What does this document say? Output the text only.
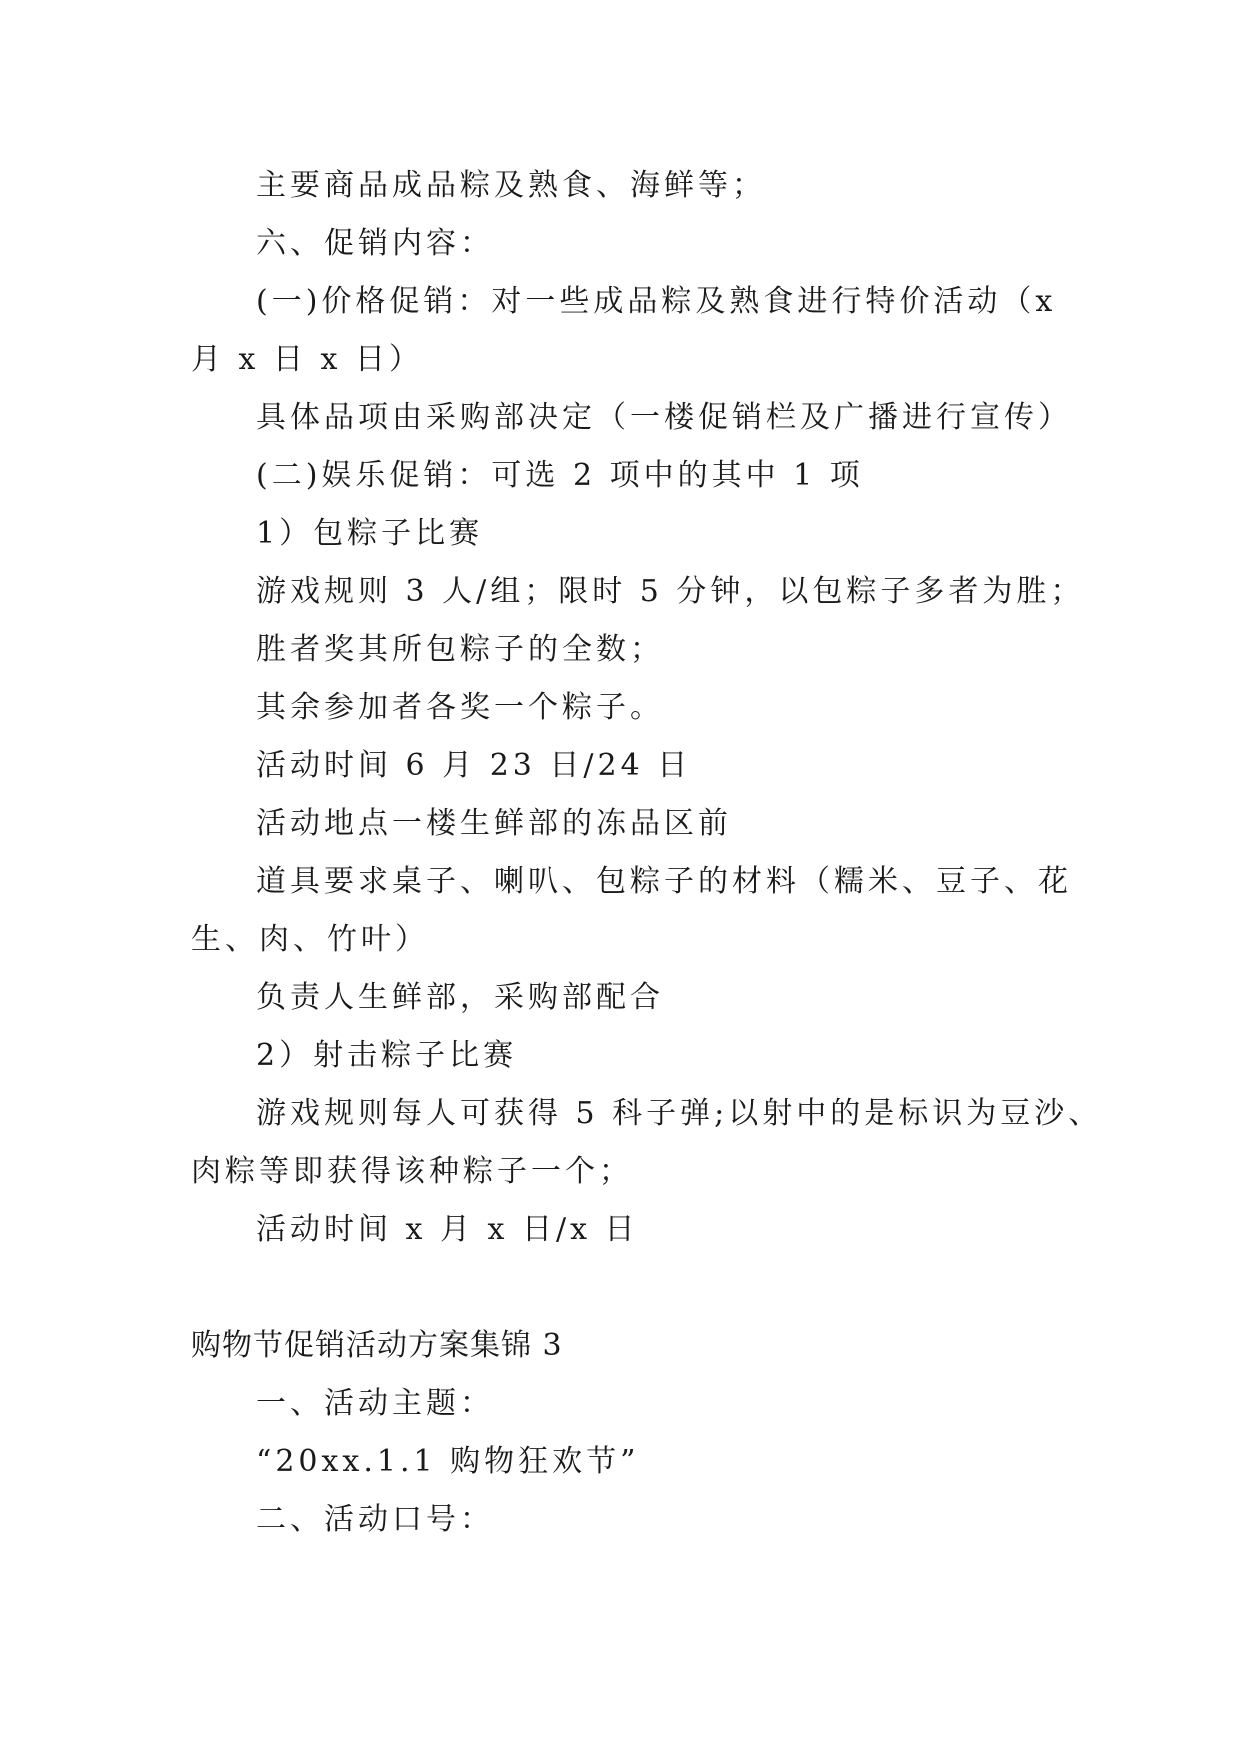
主要商品成品粽及熟食、海鲜等；
六、促销内容：
(一)价格促销：对一些成品粽及熟食进行特价活动（x
月 x 日 x 日）
具体品项由采购部决定（一楼促销栏及广播进行宣传）
(二)娱乐促销：可选 2 项中的其中 1 项
1）包粽子比赛
游戏规则 3 人/组；限时 5 分钟，以包粽子多者为胜；
胜者奖其所包粽子的全数；
其余参加者各奖一个粽子。
活动时间 6 月 23 日/24 日
活动地点一楼生鲜部的冻品区前
道具要求桌子、喇叭、包粽子的材料（糯米、豆子、花
生、肉、竹叶）
负责人生鲜部，采购部配合
2）射击粽子比赛
游戏规则每人可获得 5 科子弹;以射中的是标识为豆沙、
肉粽等即获得该种粽子一个；
活动时间 x 月 x 日/x 日
购物节促销活动方案集锦 3
一、活动主题：
“20xx.1.1 购物狂欢节”
二、活动口号：
